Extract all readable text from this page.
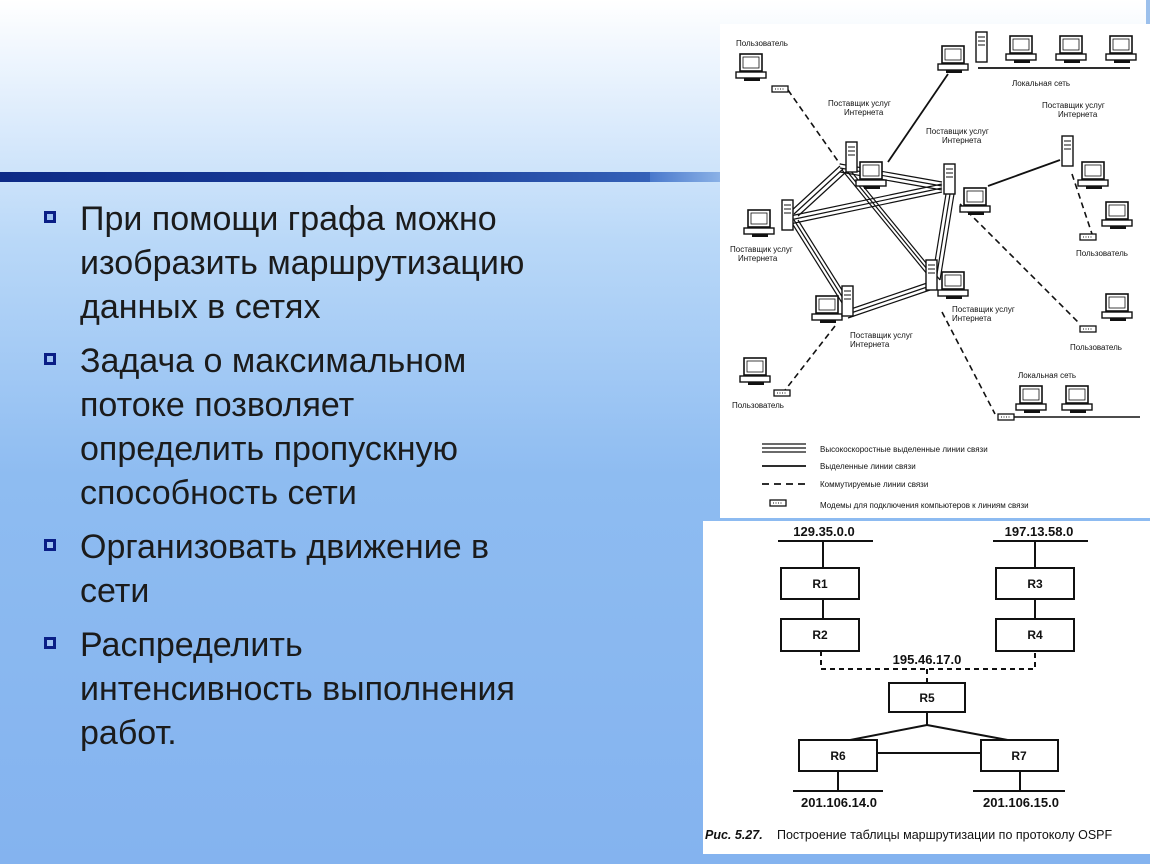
При помощи графа можно
изобразить маршрутизацию
данных в сетях
Задача о максимальном
потоке позволяет
определить пропускную
способность сети
Организовать движение в
сети
Распределить
интенсивность выполнения
работ.
Пользователь
Локальная сеть
Поставщик услуг
Интернета
Поставщик услуг
Интернета
Поставщик услуг
Интернета
Поставщик услуг
Интернета
Поставщик услуг
Интернета
Поставщик услуг
Интернета
Пользователь
Пользователь
Пользователь
Локальная сеть
Высокоскоростные выделенные линии связи
Выделенные линии связи
Коммутируемые линии связи
Модемы для подключения компьютеров к линиям связи
R1
R2
R3
R4
R5
R6	R7
129.35.0.0	197.13.58.0
195.46.17.0
201.106.14.0	201.106.15.0
Рис. 5.27. Построение таблицы маршрутизации по протоколу OSPF
